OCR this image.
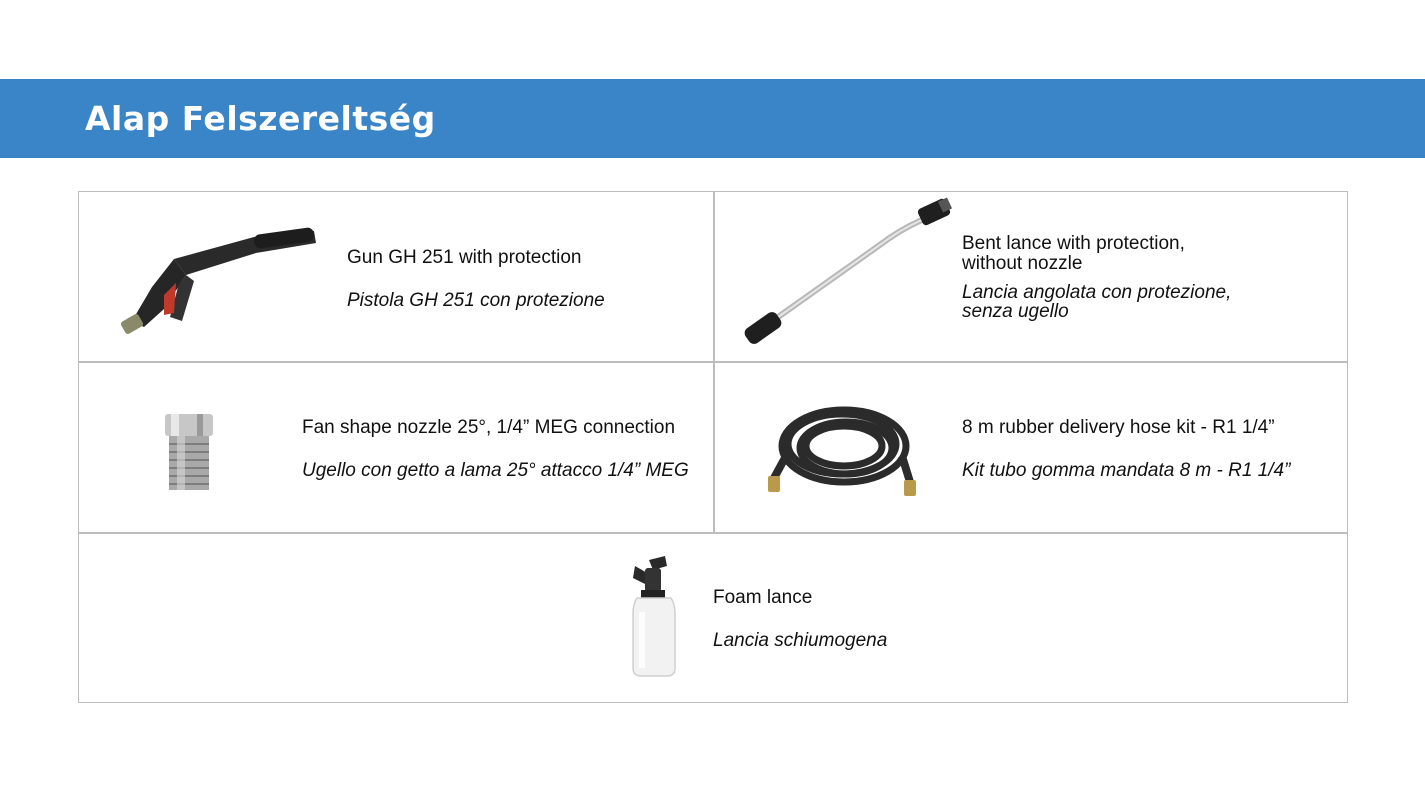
Alap Felszereltség
Gun GH 251 with protection
Pistola GH 251 con protezione
Bent lance with protection,
without nozzle
Lancia angolata con protezione,
senza ugello
Fan shape nozzle 25°, 1/4” MEG connection
Ugello con getto a lama 25° attacco 1/4” MEG
8 m rubber delivery hose kit - R1 1/4”
Kit tubo gomma mandata 8 m - R1 1/4”
Foam lance
Lancia schiumogena
